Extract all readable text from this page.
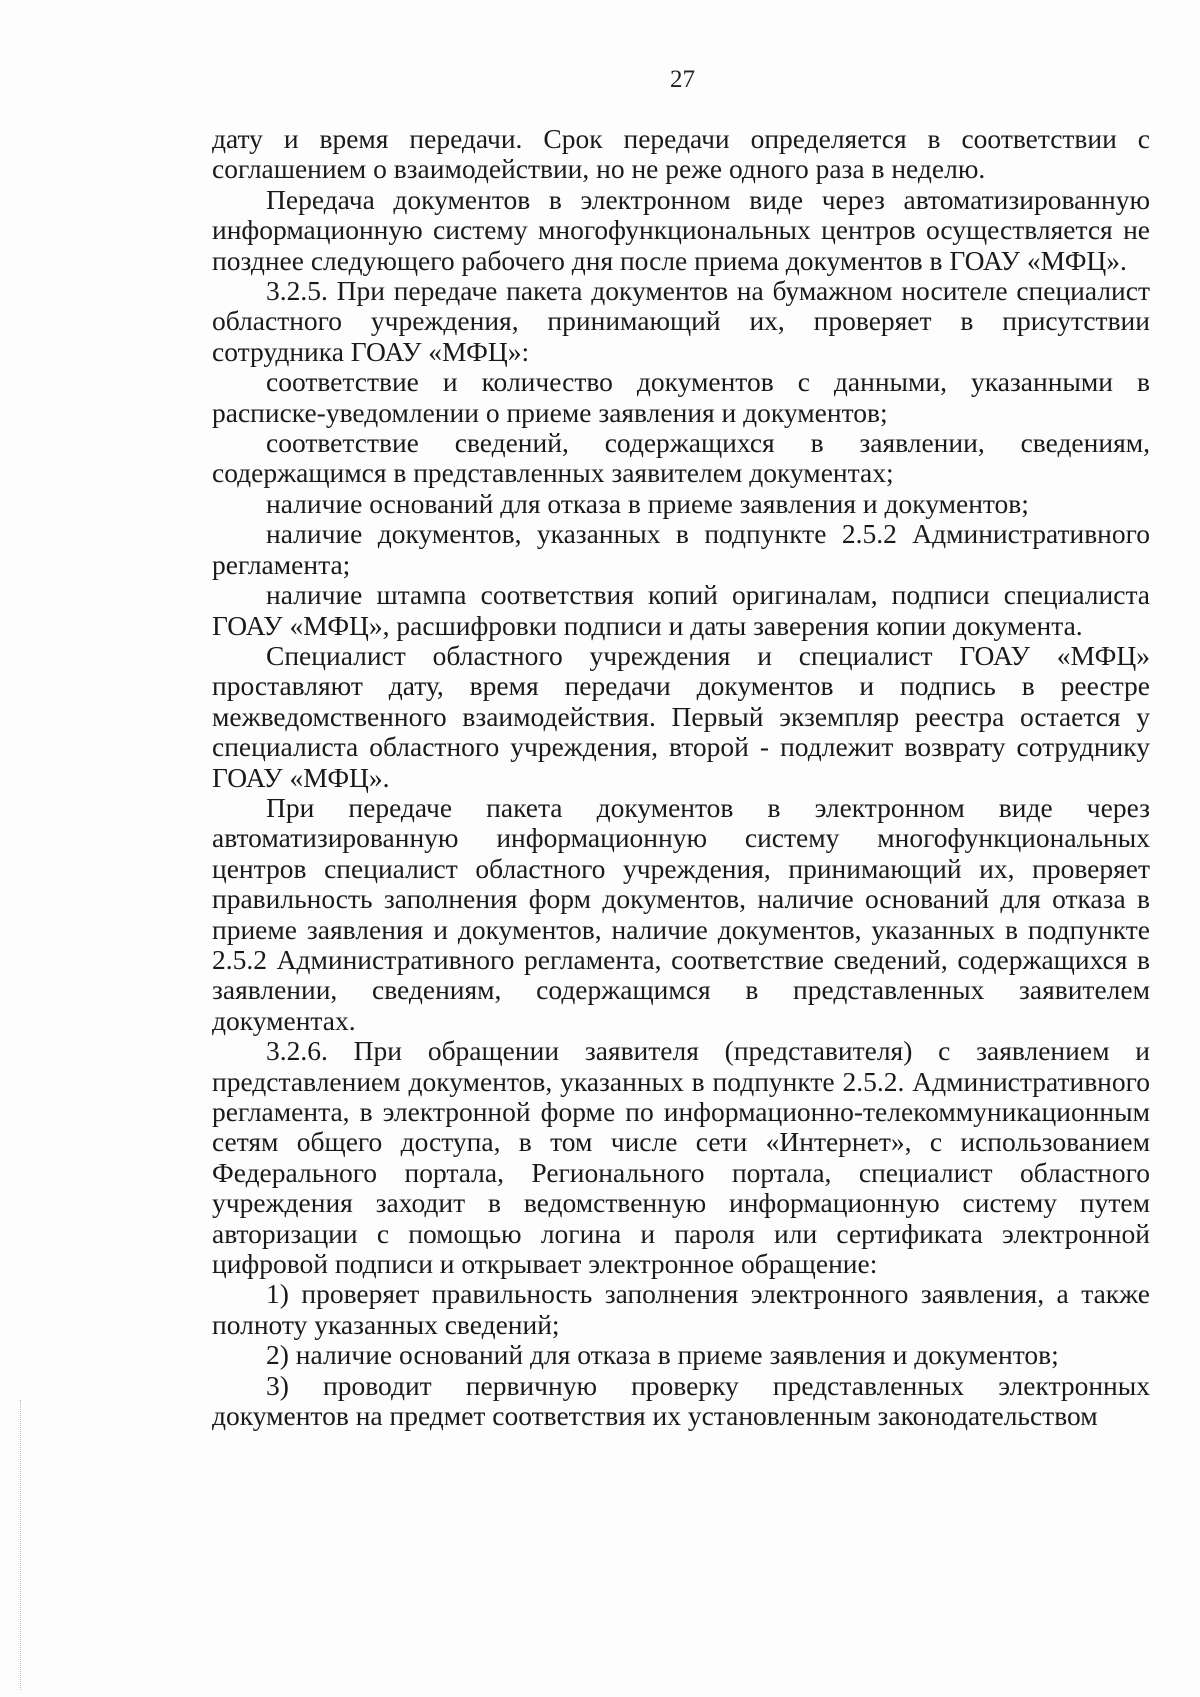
27

дату и время передачи. Срок передачи определяется в соответствии с соглашением о взаимодействии, но не реже одного раза в неделю.

Передача документов в электронном виде через автоматизированную информационную систему многофункциональных центров осуществляется не позднее следующего рабочего дня после приема документов в ГОАУ «МФЦ».

3.2.5. При передаче пакета документов на бумажном носителе специалист областного учреждения, принимающий их, проверяет в присутствии сотрудника ГОАУ «МФЦ»:

соответствие и количество документов с данными, указанными в расписке-уведомлении о приеме заявления и документов;

соответствие сведений, содержащихся в заявлении, сведениям, содержащимся в представленных заявителем документах;

наличие оснований для отказа в приеме заявления и документов;

наличие документов, указанных в подпункте 2.5.2 Административного регламента;

наличие штампа соответствия копий оригиналам, подписи специалиста ГОАУ «МФЦ», расшифровки подписи и даты заверения копии документа.

Специалист областного учреждения и специалист ГОАУ «МФЦ» проставляют дату, время передачи документов и подпись в реестре межведомственного взаимодействия. Первый экземпляр реестра остается у специалиста областного учреждения, второй - подлежит возврату сотруднику ГОАУ «МФЦ».

При передаче пакета документов в электронном виде через автоматизированную информационную систему многофункциональных центров специалист областного учреждения, принимающий их, проверяет правильность заполнения форм документов, наличие оснований для отказа в приеме заявления и документов, наличие документов, указанных в подпункте 2.5.2 Административного регламента, соответствие сведений, содержащихся в заявлении, сведениям, содержащимся в представленных заявителем документах.

3.2.6. При обращении заявителя (представителя) с заявлением и представлением документов, указанных в подпункте 2.5.2. Административного регламента, в электронной форме по информационно-телекоммуникационным сетям общего доступа, в том числе сети «Интернет», с использованием Федерального портала, Регионального портала, специалист областного учреждения заходит в ведомственную информационную систему путем авторизации с помощью логина и пароля или сертификата электронной цифровой подписи и открывает электронное обращение:

1) проверяет правильность заполнения электронного заявления, а также полноту указанных сведений;

2) наличие оснований для отказа в приеме заявления и документов;

3) проводит первичную проверку представленных электронных документов на предмет соответствия их установленным законодательством
